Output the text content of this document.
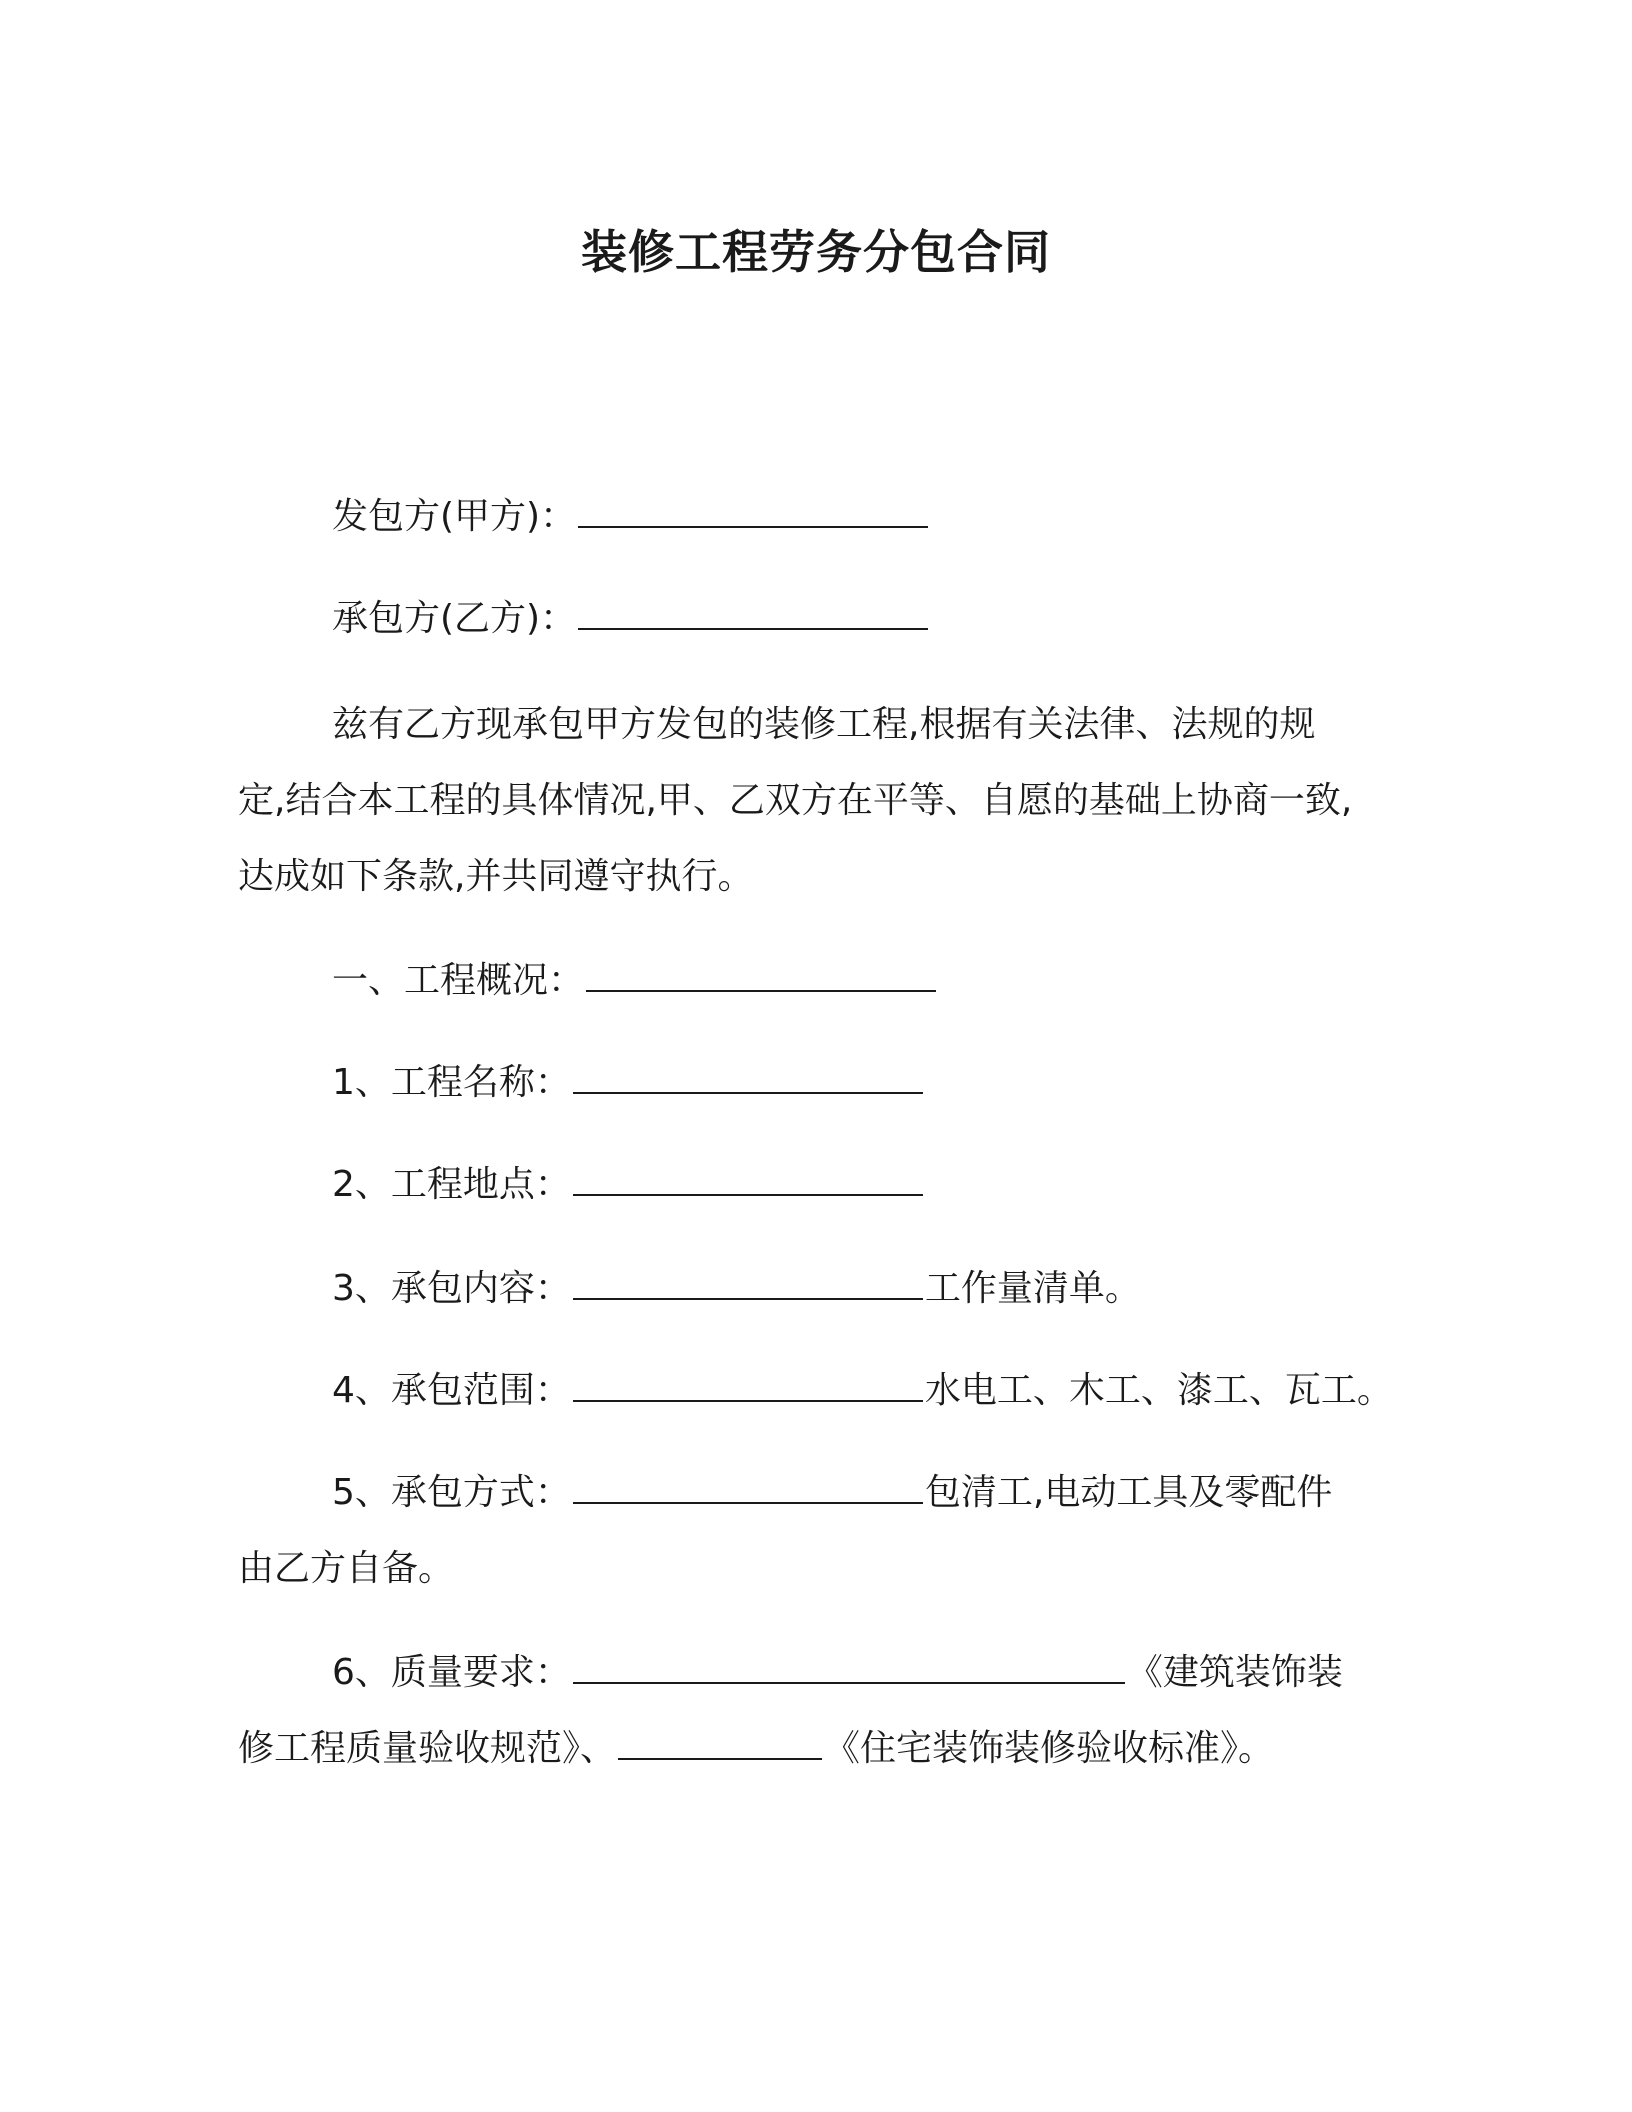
装修工程劳务分包合同
发包方(甲方)：
承包方(乙方)：
兹有乙方现承包甲方发包的装修工程,根据有关法律、法规的规
定,结合本工程的具体情况,甲、乙双方在平等、自愿的基础上协商一致,
达成如下条款,并共同遵守执行。
一、工程概况：
1、工程名称：
2、工程地点：
3、承包内容：	工作量清单。
4、承包范围：	水电工、木工、漆工、瓦工。
5、承包方式：	包清工,电动工具及零配件
由乙方自备。
6、质量要求：	《建筑装饰装
修工程质量验收规范》、	《住宅装饰装修验收标准》。
